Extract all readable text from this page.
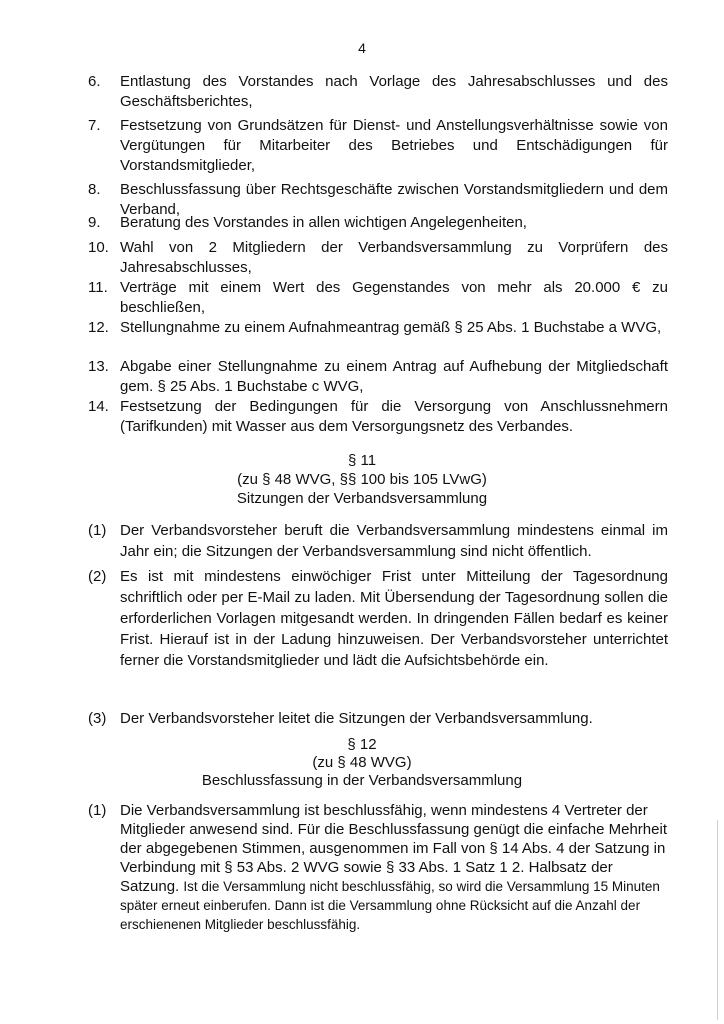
4
6.	Entlastung des Vorstandes nach Vorlage des Jahresabschlusses und des Geschäftsberichtes,
7.	Festsetzung von Grundsätzen für Dienst- und Anstellungsverhältnisse sowie von Vergütungen für Mitarbeiter des Betriebes und Entschädigungen für Vorstandsmitglieder,
8.	Beschlussfassung über Rechtsgeschäfte zwischen Vorstandsmitgliedern und dem Verband,
9.	Beratung des Vorstandes in allen wichtigen Angelegenheiten,
10. Wahl von 2 Mitgliedern der Verbandsversammlung zu Vorprüfern des Jahresabschlusses,
11. Verträge mit einem Wert des Gegenstandes von mehr als 20.000 € zu beschließen,
12. Stellungnahme zu einem Aufnahmeantrag gemäß § 25 Abs. 1 Buchstabe a WVG,
13. Abgabe einer Stellungnahme zu einem Antrag auf Aufhebung der Mitgliedschaft gem. § 25 Abs. 1 Buchstabe c WVG,
14. Festsetzung der Bedingungen für die Versorgung von Anschlussnehmern (Tarifkunden) mit Wasser aus dem Versorgungsnetz des Verbandes.
§ 11
(zu § 48 WVG, §§ 100 bis 105 LVwG)
Sitzungen der Verbandsversammlung
(1) Der Verbandsvorsteher beruft die Verbandsversammlung mindestens einmal im Jahr ein; die Sitzungen der Verbandsversammlung sind nicht öffentlich.
(2) Es ist mit mindestens einwöchiger Frist unter Mitteilung der Tagesordnung schriftlich oder per E-Mail zu laden. Mit Übersendung der Tagesordnung sollen die erforderlichen Vorlagen mitgesandt werden. In dringenden Fällen bedarf es keiner Frist. Hierauf ist in der Ladung hinzuweisen. Der Verbandsvorsteher unterrichtet ferner die Vorstandsmitglieder und lädt die Aufsichtsbehörde ein.
(3) Der Verbandsvorsteher leitet die Sitzungen der Verbandsversammlung.
§ 12
(zu § 48 WVG)
Beschlussfassung in der Verbandsversammlung
(1) Die Verbandsversammlung ist beschlussfähig, wenn mindestens 4 Vertreter der Mitglieder anwesend sind. Für die Beschlussfassung genügt die einfache Mehrheit der abgegebenen Stimmen, ausgenommen im Fall von § 14 Abs. 4 der Satzung in Verbindung mit § 53 Abs. 2 WVG sowie § 33 Abs. 1 Satz 1 2. Halbsatz der Satzung. Ist die Versammlung nicht beschlussfähig, so wird die Versammlung 15 Minuten später erneut einberufen. Dann ist die Versammlung ohne Rücksicht auf die Anzahl der erschienenen Mitglieder beschlussfähig.
